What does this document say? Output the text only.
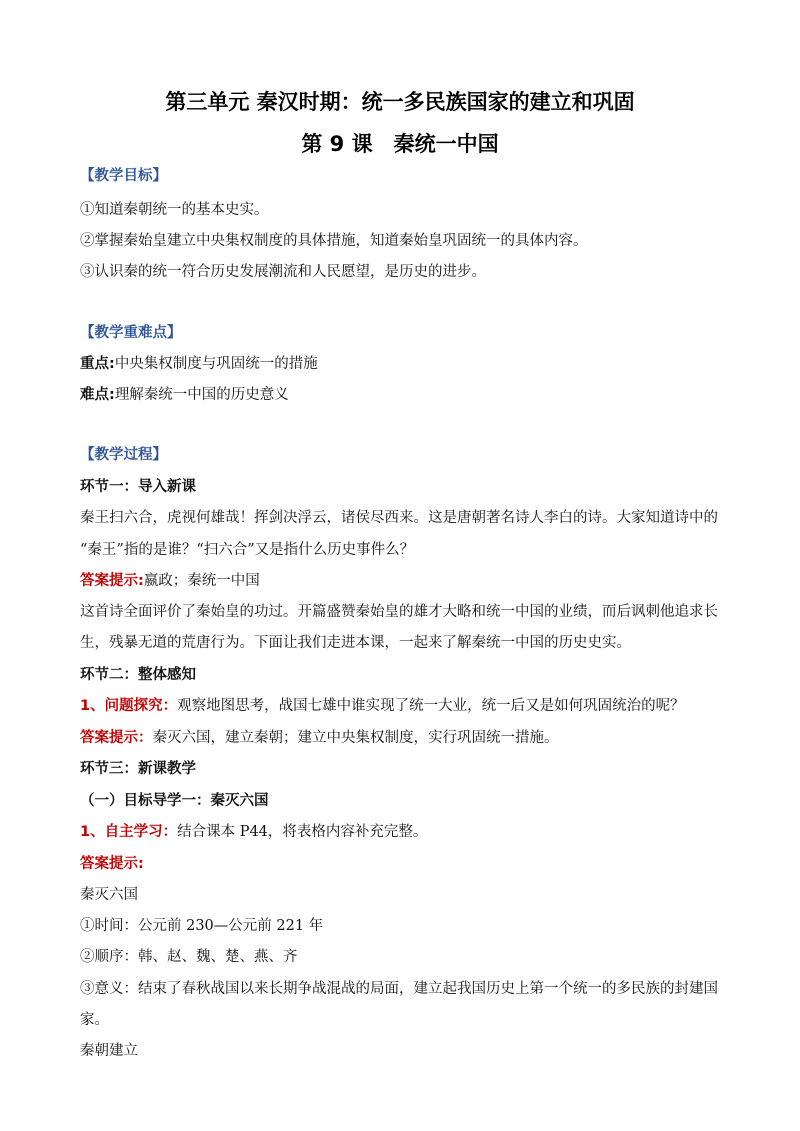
第三单元 秦汉时期：统一多民族国家的建立和巩固
第 9 课　秦统一中国
【教学目标】
①知道秦朝统一的基本史实。
②掌握秦始皇建立中央集权制度的具体措施，知道秦始皇巩固统一的具体内容。
③认识秦的统一符合历史发展潮流和人民愿望，是历史的进步。
【教学重难点】
重点:中央集权制度与巩固统一的措施
难点:理解秦统一中国的历史意义
【教学过程】
环节一：导入新课
秦王扫六合，虎视何雄哉！挥剑决浮云，诸侯尽西来。这是唐朝著名诗人李白的诗。大家知道诗中的
“秦王”指的是谁？“扫六合”又是指什么历史事件么？
答案提示:嬴政；秦统一中国
这首诗全面评价了秦始皇的功过。开篇盛赞秦始皇的雄才大略和统一中国的业绩，而后讽刺他追求长
生，残暴无道的荒唐行为。下面让我们走进本课，一起来了解秦统一中国的历史史实。
环节二：整体感知
1、问题探究：观察地图思考，战国七雄中谁实现了统一大业，统一后又是如何巩固统治的呢？
答案提示：秦灭六国，建立秦朝；建立中央集权制度，实行巩固统一措施。
环节三：新课教学
（一）目标导学一：秦灭六国
1、自主学习：结合课本 P44，将表格内容补充完整。
答案提示:
秦灭六国
①时间：公元前 230—公元前 221 年
②顺序：韩、赵、魏、楚、燕、齐
③意义：结束了春秋战国以来长期争战混战的局面，建立起我国历史上第一个统一的多民族的封建国
家。
秦朝建立
